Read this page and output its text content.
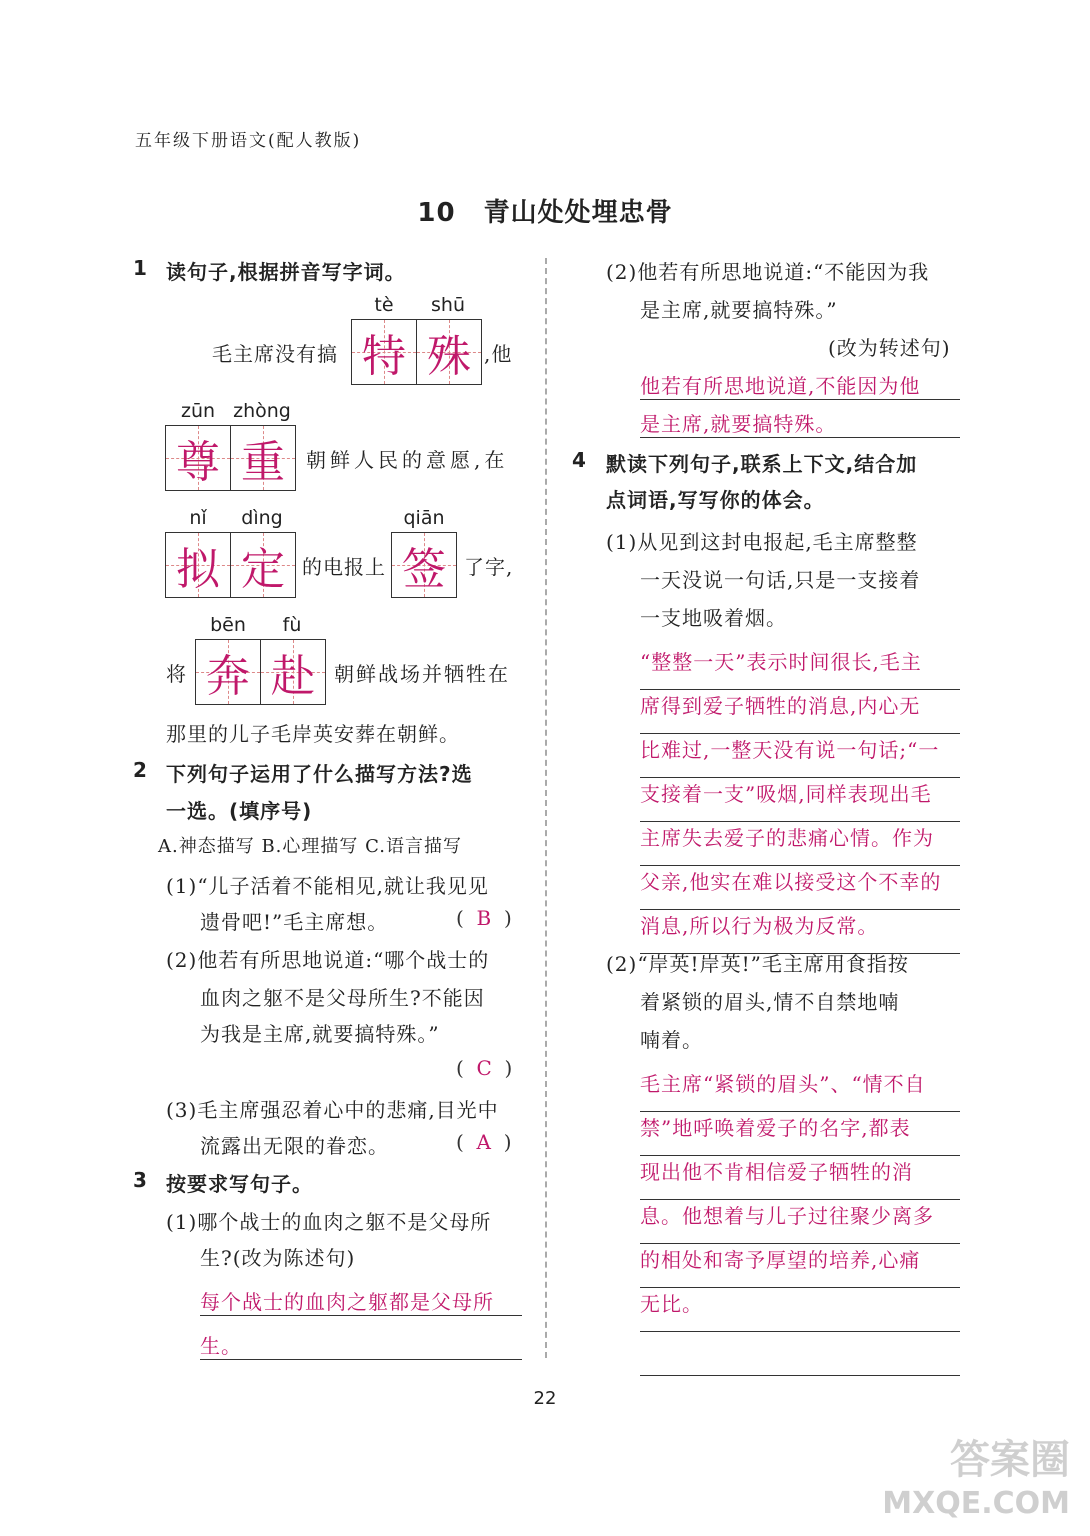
五年级下册语文(配人教版)
10 青山处处埋忠骨
1 读句子,根据拼音写字词。
毛主席没有搞
tè	shū
特 殊 ,他
zūn zhòng
尊 重 朝鲜人民的意愿,在
nǐ	dìng
拟 定 的电报上
qiān
签 了字,
将
bēn	fù
奔 赴 朝鲜战场并牺牲在
那里的儿子毛岸英安葬在朝鲜。
2 下列句子运用了什么描写方法?选
一选。(填序号)
A.神态描写 B.心理描写 C.语言描写
(1)“儿子活着不能相见,就让我见见
遗骨吧!”毛主席想。	(  B  )
(2)他若有所思地说道:“哪个战士的
血肉之躯不是父母所生?不能因
为我是主席,就要搞特殊。”
(  C  )
(3)毛主席强忍着心中的悲痛,目光中
流露出无限的眷恋。	(  A  )
3 按要求写句子。
(1)哪个战士的血肉之躯不是父母所
生?(改为陈述句)
每个战士的血肉之躯都是父母所
生。
(2)他若有所思地说道:“不能因为我
是主席,就要搞特殊。”
(改为转述句)
他若有所思地说道,不能因为他
是主席,就要搞特殊。
4 默读下列句子,联系上下文,结合加
点词语,写写你的体会。
(1)从见到这封电报起,毛主席整整
一天没说一句话,只是一支接着
一支地吸着烟。
“整整一天”表示时间很长,毛主
席得到爱子牺牲的消息,内心无
比难过,一整天没有说一句话;“一
支接着一支”吸烟,同样表现出毛
主席失去爱子的悲痛心情。作为
父亲,他实在难以接受这个不幸的
消息,所以行为极为反常。
(2)“岸英!岸英!”毛主席用食指按
着紧锁的眉头,情不自禁地喃
喃着。
毛主席“紧锁的眉头”、“情不自
禁”地呼唤着爱子的名字,都表
现出他不肯相信爱子牺牲的消
息。他想着与儿子过往聚少离多
的相处和寄予厚望的培养,心痛
无比。
22
答案圈
MXQE.COM
